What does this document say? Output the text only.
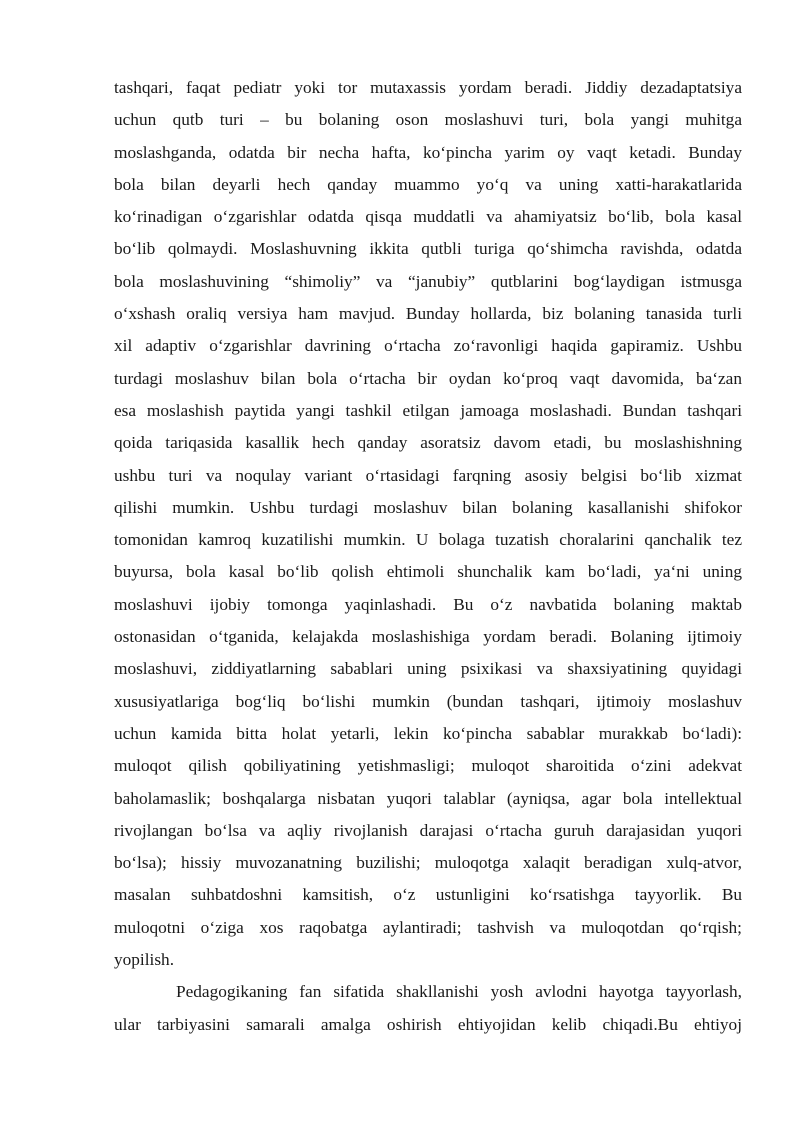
tashqari, faqat pediatr yoki tor mutaxassis yordam beradi. Jiddiy dezadaptatsiya
uchun qutb turi – bu bolaning oson moslashuvi turi, bola yangi muhitga
moslashganda, odatda bir necha hafta, ko‘pincha yarim oy vaqt ketadi. Bunday
bola bilan deyarli hech qanday muammo yo‘q va uning xatti-harakatlarida
ko‘rinadigan o‘zgarishlar odatda qisqa muddatli va ahamiyatsiz bo‘lib, bola kasal
bo‘lib qolmaydi. Moslashuvning ikkita qutbli turiga qo‘shimcha ravishda, odatda
bola moslashuvining “shimoliy” va “janubiy” qutblarini bog‘laydigan istmusga
o‘xshash oraliq versiya ham mavjud. Bunday hollarda, biz bolaning tanasida turli
xil adaptiv o‘zgarishlar davrining o‘rtacha zo‘ravonligi haqida gapiramiz. Ushbu
turdagi moslashuv bilan bola o‘rtacha bir oydan ko‘proq vaqt davomida, ba‘zan
esa moslashish paytida yangi tashkil etilgan jamoaga moslashadi. Bundan tashqari
qoida tariqasida kasallik hech qanday asoratsiz davom etadi, bu moslashishning
ushbu turi va noqulay variant o‘rtasidagi farqning asosiy belgisi bo‘lib xizmat
qilishi mumkin. Ushbu turdagi moslashuv bilan bolaning kasallanishi shifokor
tomonidan kamroq kuzatilishi mumkin. U bolaga tuzatish choralarini qanchalik tez
buyursa, bola kasal bo‘lib qolish ehtimoli shunchalik kam bo‘ladi, ya‘ni uning
moslashuvi ijobiy tomonga yaqinlashadi. Bu o‘z navbatida bolaning maktab
ostonasidan o‘tganida, kelajakda moslashishiga yordam beradi. Bolaning ijtimoiy
moslashuvi, ziddiyatlarning sabablari uning psixikasi va shaxsiyatining quyidagi
xususiyatlariga bog‘liq bo‘lishi mumkin (bundan tashqari, ijtimoiy moslashuv
uchun kamida bitta holat yetarli, lekin ko‘pincha sabablar murakkab bo‘ladi):
muloqot qilish qobiliyatining yetishmasligi; muloqot sharoitida o‘zini adekvat
baholamaslik; boshqalarga nisbatan yuqori talablar (ayniqsa, agar bola intellektual
rivojlangan bo‘lsa va aqliy rivojlanish darajasi o‘rtacha guruh darajasidan yuqori
bo‘lsa); hissiy muvozanatning buzilishi; muloqotga xalaqit beradigan xulq-atvor,
masalan suhbatdoshni kamsitish, o‘z ustunligini ko‘rsatishga tayyorlik. Bu
muloqotni o‘ziga xos raqobatga aylantiradi; tashvish va muloqotdan qo‘rqish;
yopilish.
Pedagogikaning fan sifatida shakllanishi yosh avlodni hayotga tayyorlash,
ular tarbiyasini samarali amalga oshirish ehtiyojidan kelib chiqadi.Bu ehtiyoj
